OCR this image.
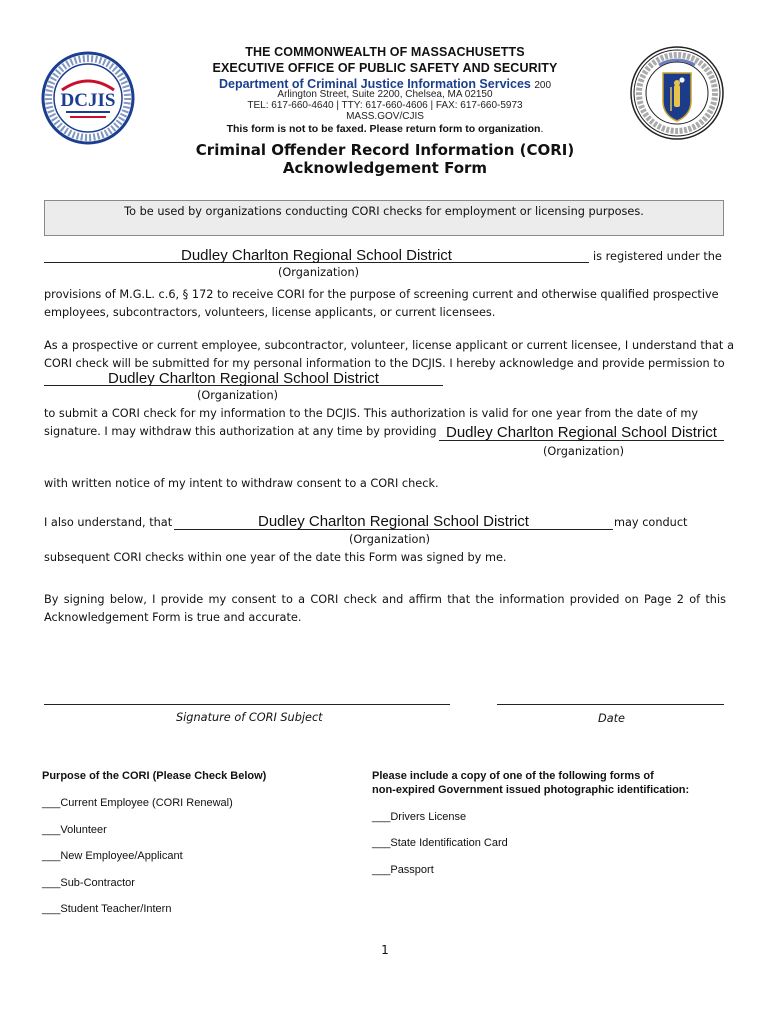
DCJIS
THE COMMONWEALTH OF MASSACHUSETTS
EXECUTIVE OFFICE OF PUBLIC SAFETY AND SECURITY
Department of Criminal Justice Information Services 200
Arlington Street, Suite 2200, Chelsea, MA 02150
TEL: 617-660-4640 | TTY: 617-660-4606 | FAX: 617-660-5973
MASS.GOV/CJIS
This form is not to be faxed. Please return form to organization.
Criminal Offender Record Information (CORI)
Acknowledgement Form
To be used by organizations conducting CORI checks for employment or licensing purposes.
Dudley Charlton Regional School District	is registered under the
(Organization)
provisions of M.G.L. c.6, § 172 to receive CORI for the purpose of screening current and otherwise qualified prospective employees, subcontractors, volunteers, license applicants, or current licensees.
As a prospective or current employee, subcontractor, volunteer, license applicant or current licensee, I understand that a CORI check will be submitted for my personal information to the DCJIS. I hereby acknowledge and provide permission to
Dudley Charlton Regional School District
(Organization)
to submit a CORI check for my information to the DCJIS. This authorization is valid for one year from the date of my
signature. I may withdraw this authorization at any time by providing Dudley Charlton Regional School District
(Organization)
with written notice of my intent to withdraw consent to a CORI check.
I also understand, that	Dudley Charlton Regional School District	may conduct
(Organization)
subsequent CORI checks within one year of the date this Form was signed by me.
By signing below, I provide my consent to a CORI check and affirm that the information provided on Page 2 of this Acknowledgement Form is true and accurate.
Signature of CORI Subject	Date
Purpose of the CORI (Please Check Below)
___Current Employee (CORI Renewal)
___Volunteer
___New Employee/Applicant
___Sub-Contractor
___Student Teacher/Intern
Please include a copy of one of the following forms of
non-expired Government issued photographic identification:
___Drivers License
___State Identification Card
___Passport
1
